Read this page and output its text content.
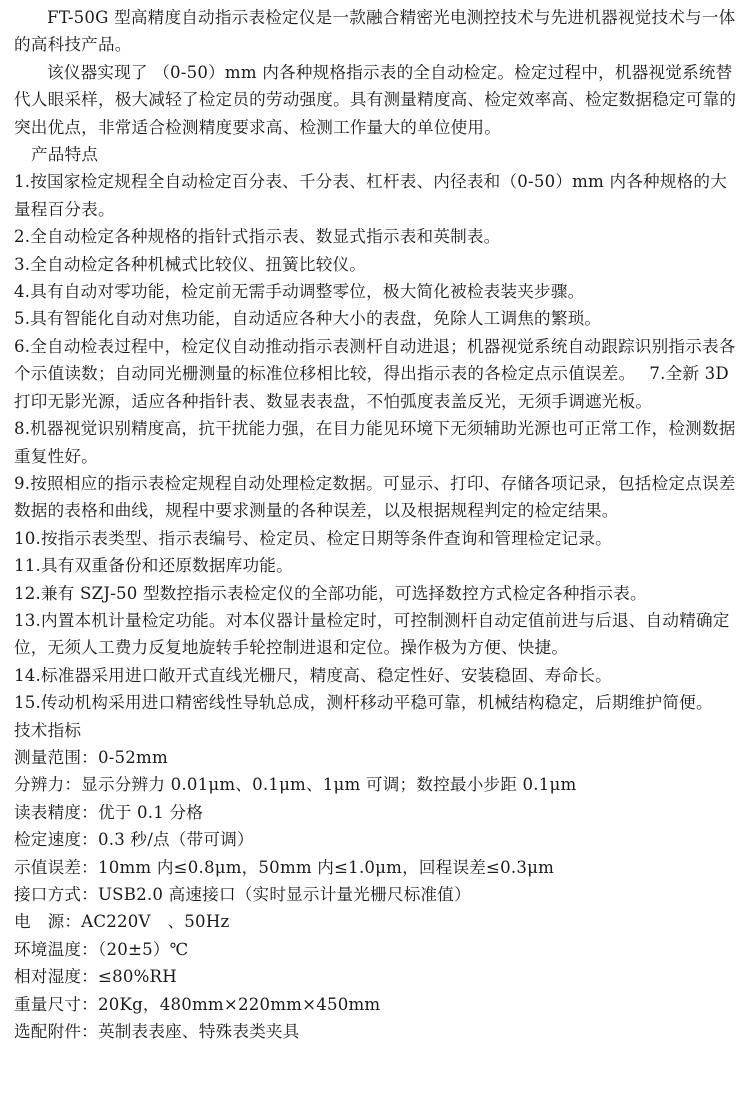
FT-50G 型高精度自动指示表检定仪是一款融合精密光电测控技术与先进机器视觉技术与一体的高科技产品。

该仪器实现了 （0-50）mm 内各种规格指示表的全自动检定。检定过程中，机器视觉系统替代人眼采样，极大减轻了检定员的劳动强度。具有测量精度高、检定效率高、检定数据稳定可靠的突出优点，非常适合检测精度要求高、检测工作量大的单位使用。

产品特点

1.按国家检定规程全自动检定百分表、千分表、杠杆表、内径表和（0-50）mm 内各种规格的大量程百分表。

2.全自动检定各种规格的指针式指示表、数显式指示表和英制表。

3.全自动检定各种机械式比较仪、扭簧比较仪。

4.具有自动对零功能，检定前无需手动调整零位，极大简化被检表装夹步骤。

5.具有智能化自动对焦功能，自动适应各种大小的表盘，免除人工调焦的繁琐。

6.全自动检表过程中，检定仪自动推动指示表测杆自动进退；机器视觉系统自动跟踪识别指示表各个示值读数；自动同光栅测量的标准位移相比较，得出指示表的各检定点示值误差。　 7.全新 3D 打印无影光源，适应各种指针表、数显表表盘，不怕弧度表盖反光，无须手调遮光板。

8.机器视觉识别精度高，抗干扰能力强，在目力能见环境下无须辅助光源也可正常工作，检测数据重复性好。

9.按照相应的指示表检定规程自动处理检定数据。可显示、打印、存储各项记录，包括检定点误差数据的表格和曲线，规程中要求测量的各种误差，以及根据规程判定的检定结果。

10.按指示表类型、指示表编号、检定员、检定日期等条件查询和管理检定记录。

11.具有双重备份和还原数据库功能。

12.兼有 SZJ-50 型数控指示表检定仪的全部功能，可选择数控方式检定各种指示表。

13.内置本机计量检定功能。对本仪器计量检定时，可控制测杆自动定值前进与后退、自动精确定位，无须人工费力反复地旋转手轮控制进退和定位。操作极为方便、快捷。

14.标准器采用进口敞开式直线光栅尺，精度高、稳定性好、安装稳固、寿命长。

15.传动机构采用进口精密线性导轨总成，测杆移动平稳可靠，机械结构稳定，后期维护简便。

技术指标

测量范围：0-52mm

分辨力：显示分辨力 0.01μm、0.1μm、1μm 可调；数控最小步距 0.1μm

读表精度：优于 0.1 分格

检定速度：0.3 秒/点（带可调）

示值误差：10mm 内≤0.8μm，50mm 内≤1.0μm，回程误差≤0.3μm

接口方式：USB2.0 高速接口（实时显示计量光栅尺标准值）

电　源：AC220V　、50Hz

环境温度：（20±5）℃

相对湿度：≤80%RH

重量尺寸：20Kg，480mm×220mm×450mm

选配附件：英制表表座、特殊表类夹具
